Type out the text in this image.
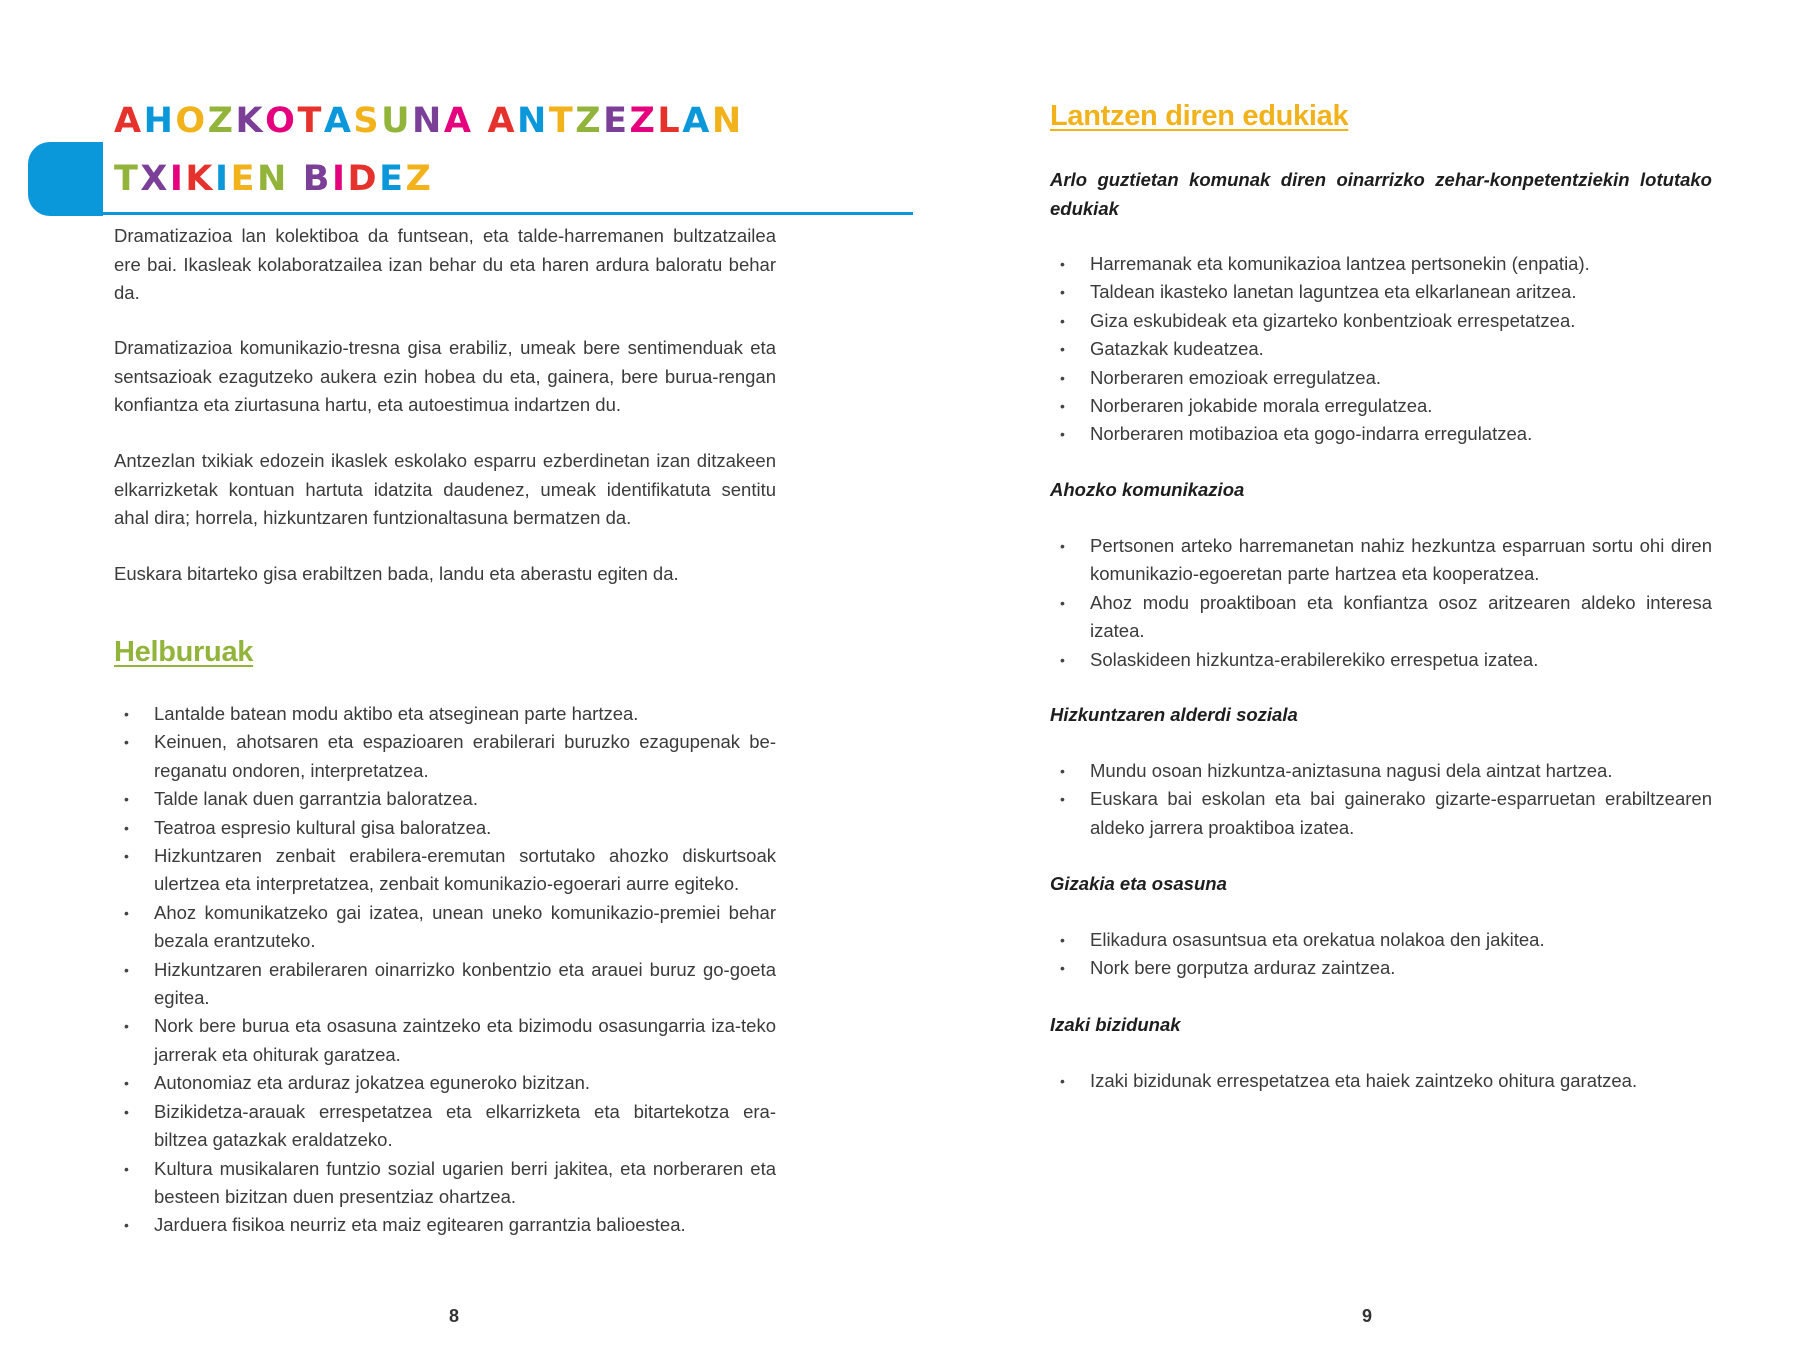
AHOZKOTASUNA ANTZEZLAN
TXIKIEN BIDEZ

Dramatizazioa lan kolektiboa da funtsean, eta talde-harremanen bultzatzailea ere bai. Ikasleak kolaboratzailea izan behar du eta haren ardura baloratu behar da.

Dramatizazioa komunikazio-tresna gisa erabiliz, umeak bere sentimenduak eta sentsazioak ezagutzeko aukera ezin hobea du eta, gainera, bere burua-rengan konfiantza eta ziurtasuna hartu, eta autoestimua indartzen du.

Antzezlan txikiak edozein ikaslek eskolako esparru ezberdinetan izan ditzakeen elkarrizketak kontuan hartuta idatzita daudenez, umeak identifikatuta sentitu ahal dira; horrela, hizkuntzaren funtzionaltasuna bermatzen da.

Euskara bitarteko gisa erabiltzen bada, landu eta aberastu egiten da.

Helburuak
• Lantalde batean modu aktibo eta atseginean parte hartzea.
• Keinuen, ahotsaren eta espazioaren erabilerari buruzko ezagupenak be-reganatu ondoren, interpretatzea.
• Talde lanak duen garrantzia baloratzea.
• Teatroa espresio kultural gisa baloratzea.
• Hizkuntzaren zenbait erabilera-eremutan sortutako ahozko diskurtsoak ulertzea eta interpretatzea, zenbait komunikazio-egoerari aurre egiteko.
• Ahoz komunikatzeko gai izatea, unean uneko komunikazio-premiei behar bezala erantzuteko.
• Hizkuntzaren erabileraren oinarrizko konbentzio eta arauei buruz go-goeta egitea.
• Nork bere burua eta osasuna zaintzeko eta bizimodu osasungarria iza-teko jarrerak eta ohiturak garatzea.
• Autonomiaz eta arduraz jokatzea eguneroko bizitzan.
• Bizikidetza-arauak errespetatzea eta elkarrizketa eta bitartekotza era-biltzea gatazkak eraldatzeko.
• Kultura musikalaren funtzio sozial ugarien berri jakitea, eta norberaren eta besteen bizitzan duen presentziaz ohartzea.
• Jarduera fisikoa neurriz eta maiz egitearen garrantzia balioestea.
8
Lantzen diren edukiak

Arlo guztietan komunak diren oinarrizko zehar-konpetentziekin lotutako edukiak

• Harremanak eta komunikazioa lantzea pertsonekin (enpatia).
• Taldean ikasteko lanetan laguntzea eta elkarlanean aritzea.
• Giza eskubideak eta gizarteko konbentzioak errespetatzea.
• Gatazkak kudeatzea.
• Norberaren emozioak erregulatzea.
• Norberaren jokabide morala erregulatzea.
• Norberaren motibazioa eta gogo-indarra erregulatzea.

Ahozko komunikazioa

• Pertsonen arteko harremanetan nahiz hezkuntza esparruan sortu ohi diren komunikazio-egoeretan parte hartzea eta kooperatzea.
• Ahoz modu proaktiboan eta konfiantza osoz aritzearen aldeko interesa izatea.
• Solaskideen hizkuntza-erabilerekiko errespetua izatea.

Hizkuntzaren alderdi soziala

• Mundu osoan hizkuntza-aniztasuna nagusi dela aintzat hartzea.
• Euskara bai eskolan eta bai gainerako gizarte-esparruetan erabiltzearen aldeko jarrera proaktiboa izatea.

Gizakia eta osasuna

• Elikadura osasuntsua eta orekatua nolakoa den jakitea.
• Nork bere gorputza arduraz zaintzea.

Izaki bizidunak

• Izaki bizidunak errespetatzea eta haiek zaintzeko ohitura garatzea.
9
